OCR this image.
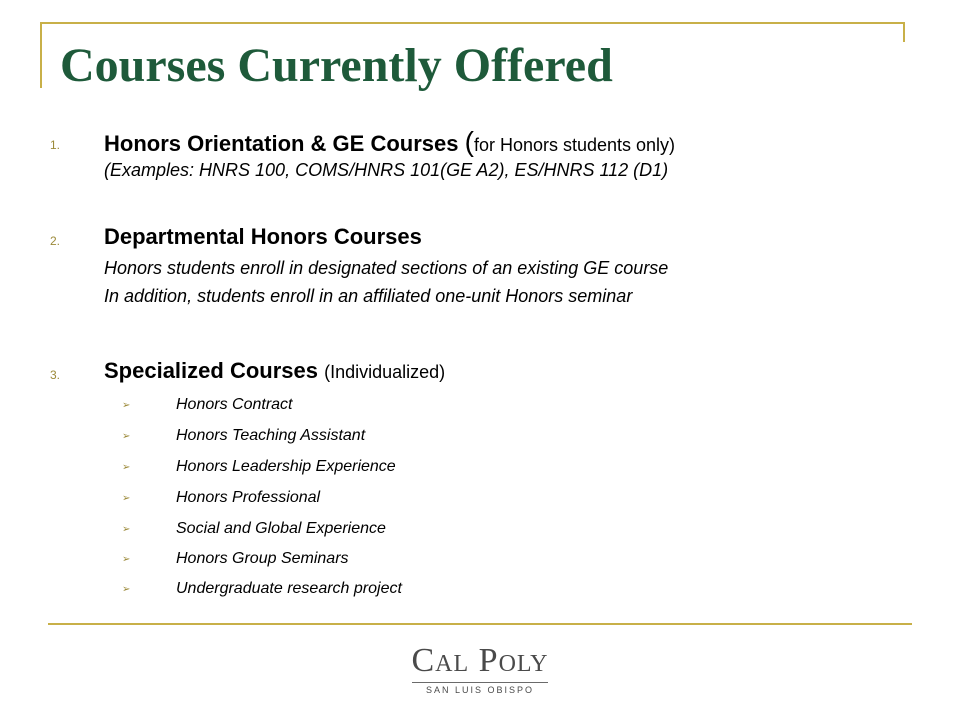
Courses Currently Offered
1. Honors Orientation & GE Courses (for Honors students only)
(Examples: HNRS 100, COMS/HNRS 101(GE A2), ES/HNRS 112 (D1)
2. Departmental Honors Courses
Honors students enroll in designated sections of an existing GE course
In addition, students enroll in an affiliated one-unit Honors seminar
3. Specialized Courses (Individualized)
➢	Honors Contract
➢	Honors Teaching Assistant
➢	Honors Leadership Experience
➢	Honors Professional
➢	Social and Global Experience
➢	Honors Group Seminars
➢	Undergraduate research project
Cal Poly
SAN LUIS OBISPO
